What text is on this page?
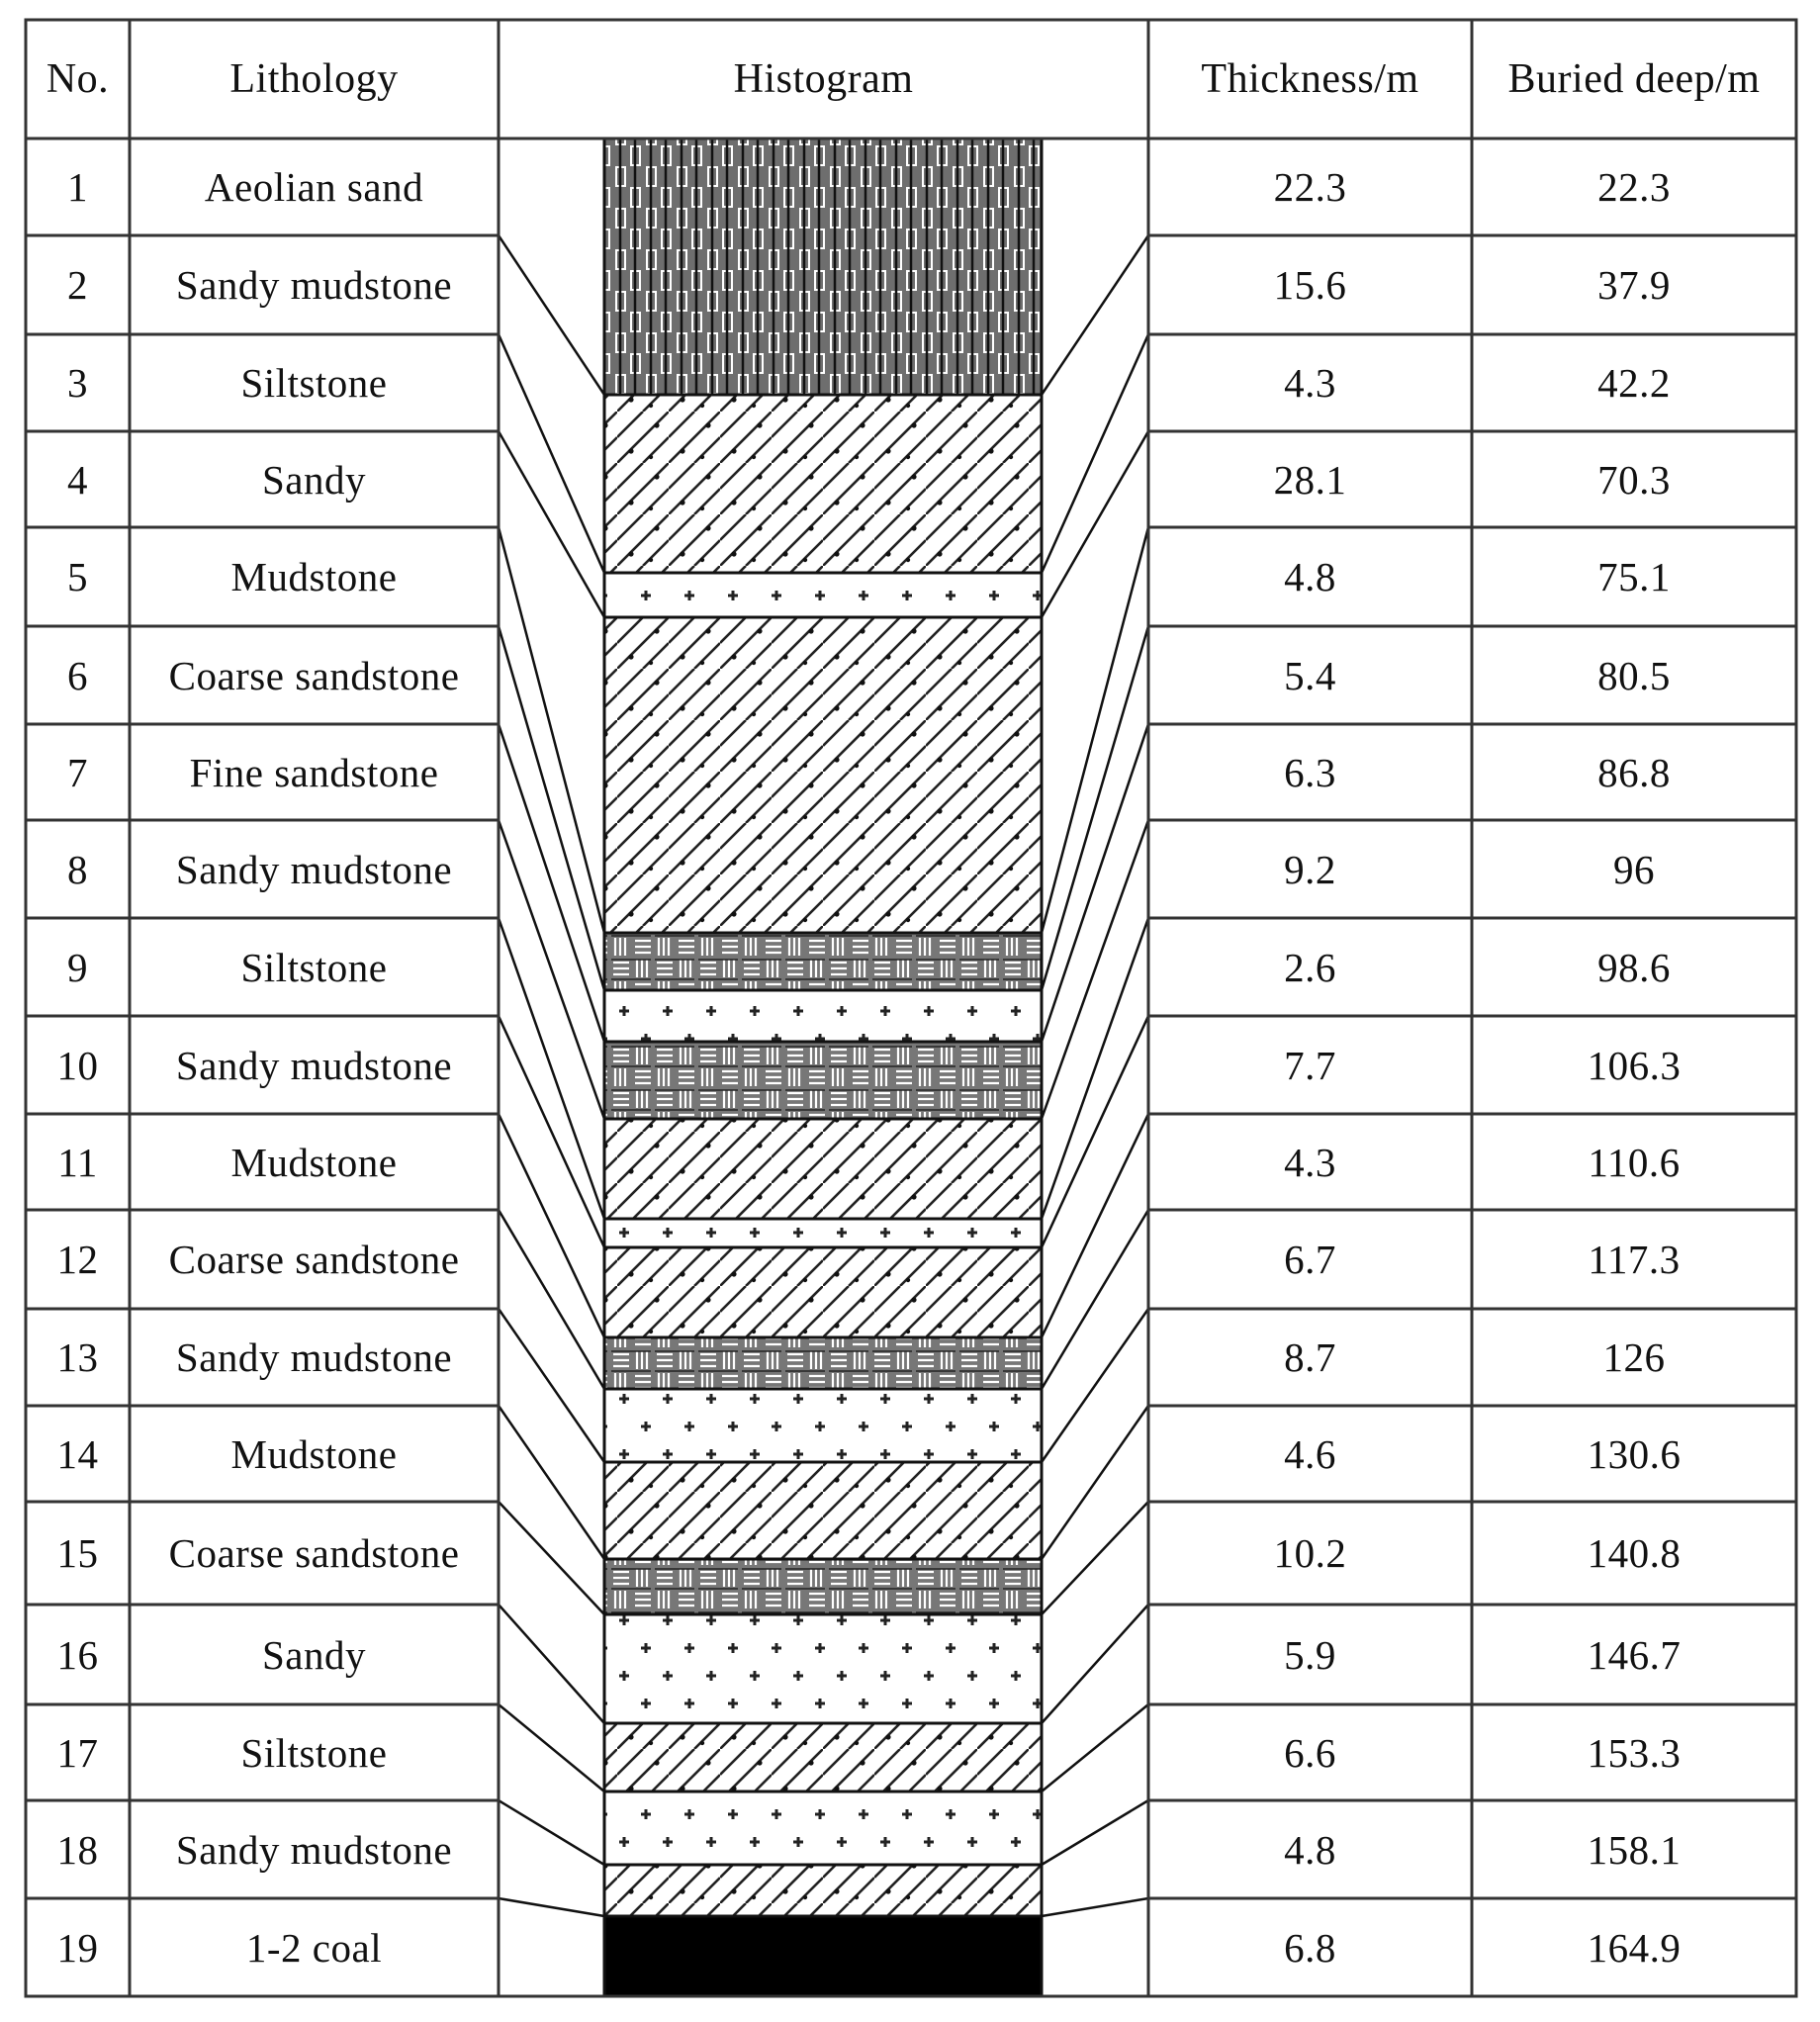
No.	Lithology	Histogram	Thickness/m	Buried deep/m
1	Aeolian sand	22.3	22.3
2	Sandy mudstone	15.6	37.9
3	Siltstone	4.3	42.2
4	Sandy	28.1	70.3
5	Mudstone	4.8	75.1
6	Coarse sandstone	5.4	80.5
7	Fine sandstone	6.3	86.8
8	Sandy mudstone	9.2	96
9	Siltstone	2.6	98.6
10	Sandy mudstone	7.7	106.3
11	Mudstone	4.3	110.6
12	Coarse sandstone	6.7	117.3
13	Sandy mudstone	8.7	126
14	Mudstone	4.6	130.6
15	Coarse sandstone	10.2	140.8
16	Sandy	5.9	146.7
17	Siltstone	6.6	153.3
18	Sandy mudstone	4.8	158.1
19	1-2 coal	6.8	164.9
